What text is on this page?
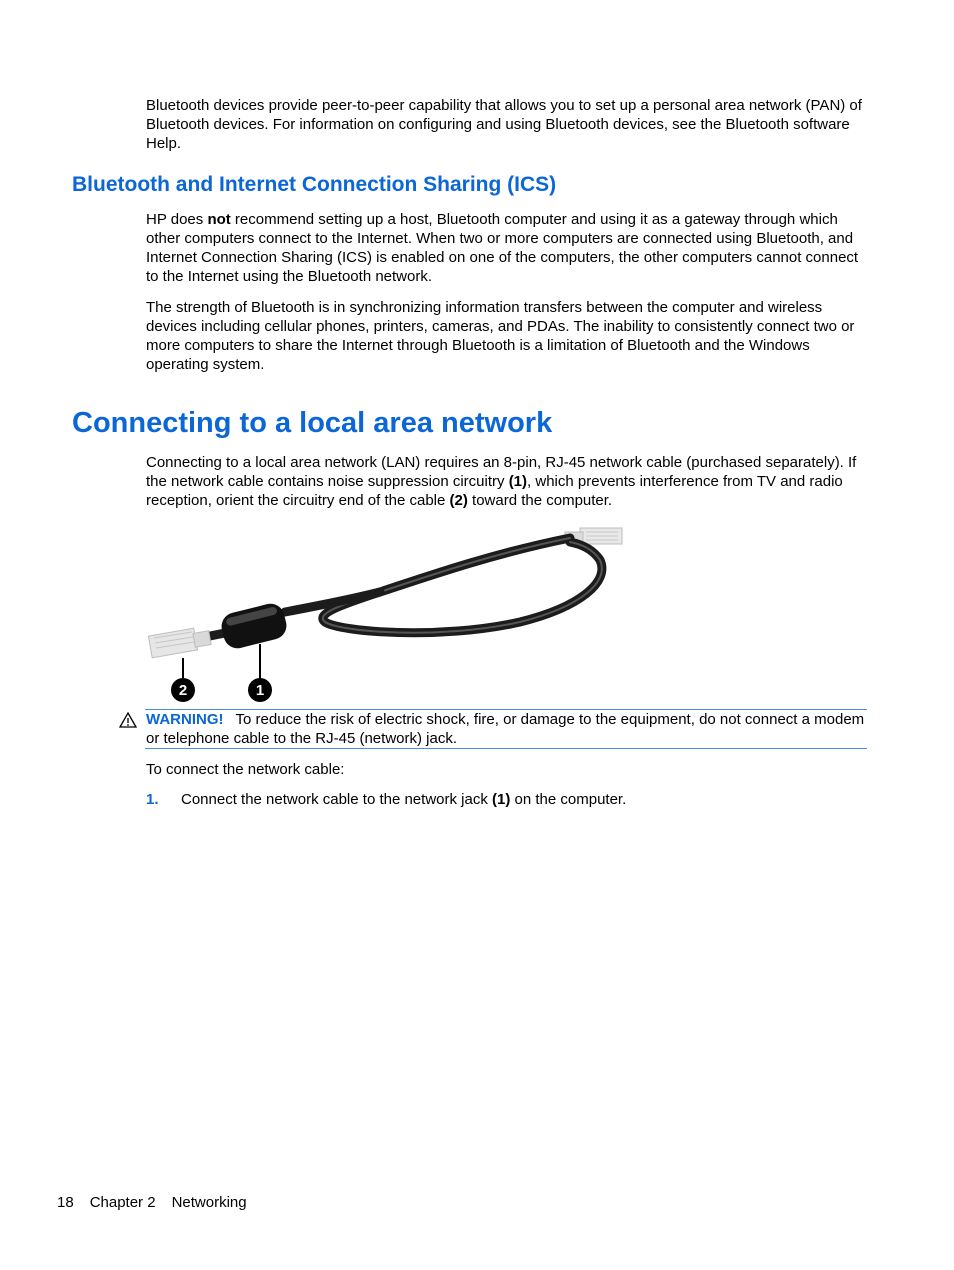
Bluetooth devices provide peer-to-peer capability that allows you to set up a personal area network (PAN) of Bluetooth devices. For information on configuring and using Bluetooth devices, see the Bluetooth software Help.

Bluetooth and Internet Connection Sharing (ICS)

HP does not recommend setting up a host, Bluetooth computer and using it as a gateway through which other computers connect to the Internet. When two or more computers are connected using Bluetooth, and Internet Connection Sharing (ICS) is enabled on one of the computers, the other computers cannot connect to the Internet using the Bluetooth network.

The strength of Bluetooth is in synchronizing information transfers between the computer and wireless devices including cellular phones, printers, cameras, and PDAs. The inability to consistently connect two or more computers to share the Internet through Bluetooth is a limitation of Bluetooth and the Windows operating system.

Connecting to a local area network

Connecting to a local area network (LAN) requires an 8-pin, RJ-45 network cable (purchased separately). If the network cable contains noise suppression circuitry (1), which prevents interference from TV and radio reception, orient the circuitry end of the cable (2) toward the computer.

2	1
WARNING! To reduce the risk of electric shock, fire, or damage to the equipment, do not connect a modem or telephone cable to the RJ-45 (network) jack.

To connect the network cable:

1. Connect the network cable to the network jack (1) on the computer.
18 Chapter 2 Networking
